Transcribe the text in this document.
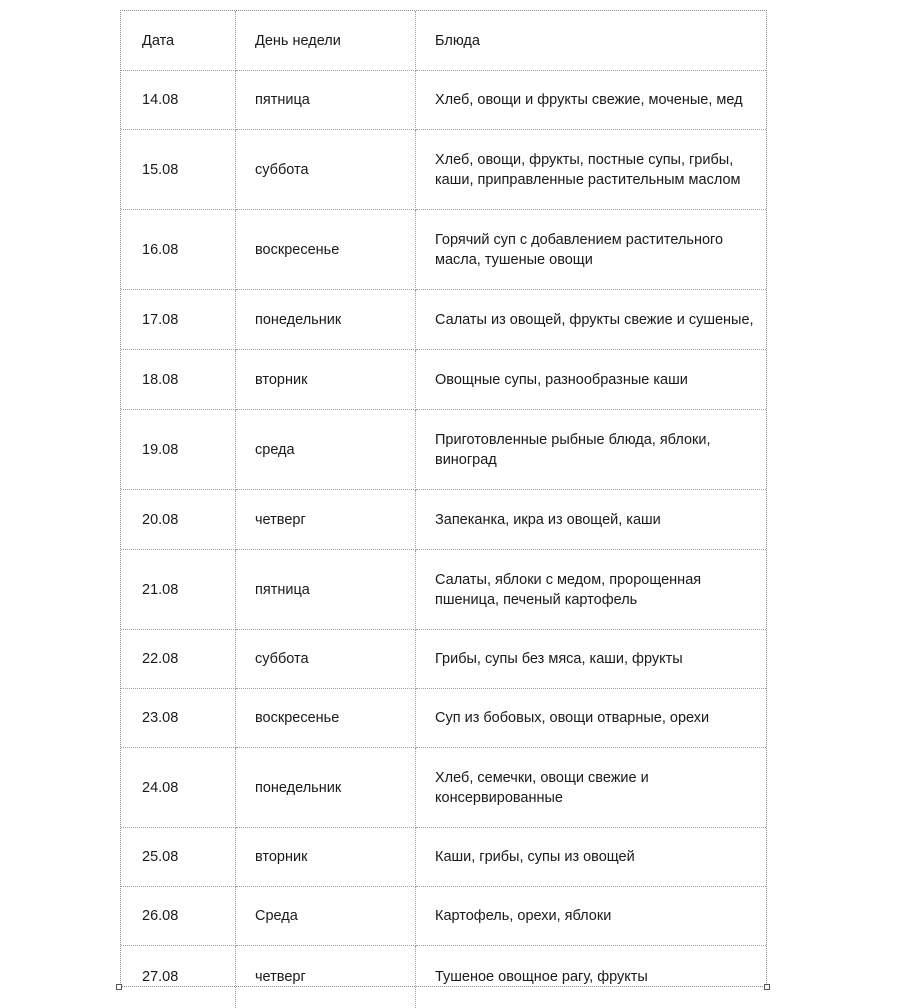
Дата	День недели	Блюда
14.08	пятница	Хлеб, овощи и фрукты свежие, моченые, мед
15.08	суббота	Хлеб, овощи, фрукты, постные супы, грибы, каши, приправленные растительным маслом
16.08	воскресенье	Горячий суп с добавлением растительного масла, тушеные овощи
17.08	понедельник	Салаты из овощей, фрукты свежие и сушеные,
18.08	вторник	Овощные супы, разнообразные каши
19.08	среда	Приготовленные рыбные блюда, яблоки, виноград
20.08	четверг	Запеканка, икра из овощей, каши
21.08	пятница	Салаты, яблоки с медом, пророщенная пшеница, печеный картофель
22.08	суббота	Грибы, супы без мяса, каши, фрукты
23.08	воскресенье	Суп из бобовых, овощи отварные, орехи
24.08	понедельник	Хлеб, семечки, овощи свежие и консервированные
25.08	вторник	Каши, грибы, супы из овощей
26.08	Среда	Картофель, орехи, яблоки
27.08	четверг	Тушеное овощное рагу, фрукты
